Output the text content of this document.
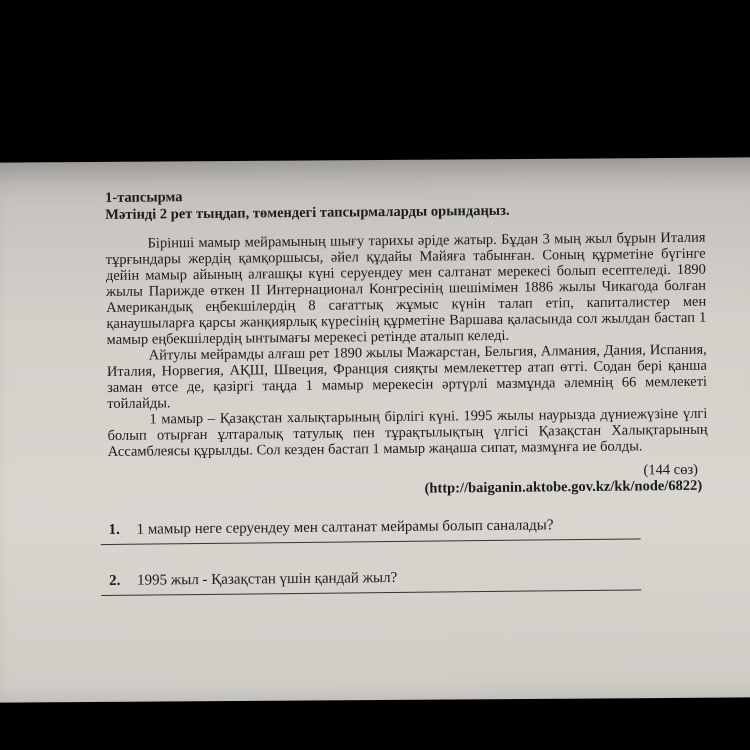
1-тапсырма

Мәтінді 2 рет тыңдап, төмендегі тапсырмаларды орындаңыз.

Бірінші мамыр мейрамының шығу тарихы әріде жатыр. Бұдан 3 мың жыл бұрын Италия тұрғындары жердің қамқоршысы, әйел құдайы Майяға табынған. Соның құрметіне бүгінге дейін мамыр айының алғашқы күні серуендеу мен салтанат мерекесі болып есептеледі. 1890 жылы Парижде өткен II Интернационал Конгресінің шешімімен 1886 жылы Чикагода болған Американдық еңбекшілердің 8 сағаттық жұмыс күнін талап етіп, капиталистер мен қанаушыларға қарсы жанқиярлық күресінің құрметіне Варшава қаласында сол жылдан бастап 1 мамыр еңбекшілердің ынтымағы мерекесі ретінде аталып келеді.

Айтулы мейрамды алғаш рет 1890 жылы Мажарстан, Бельгия, Алмания, Дания, Испания, Италия, Норвегия, АҚШ, Швеция, Франция сияқты мемлекеттер атап өтті. Содан бері қанша заман өтсе де, қазіргі таңда 1 мамыр мерекесін әртүрлі мазмұнда әлемнің 66 мемлекеті тойлайды.

1 мамыр – Қазақстан халықтарының бірлігі күні. 1995 жылы наурызда дүниежүзіне үлгі болып отырған ұлтаралық татулық пен тұрақтылықтың үлгісі Қазақстан Халықтарының Ассамблеясы құрылды. Сол кезден бастап 1 мамыр жаңаша сипат, мазмұнға ие болды.

(144 сөз)

(http://baiganin.aktobe.gov.kz/kk/node/6822)

1.	1 мамыр неге серуендеу мен салтанат мейрамы болып саналады?
2.	1995 жыл - Қазақстан үшін қандай жыл?
